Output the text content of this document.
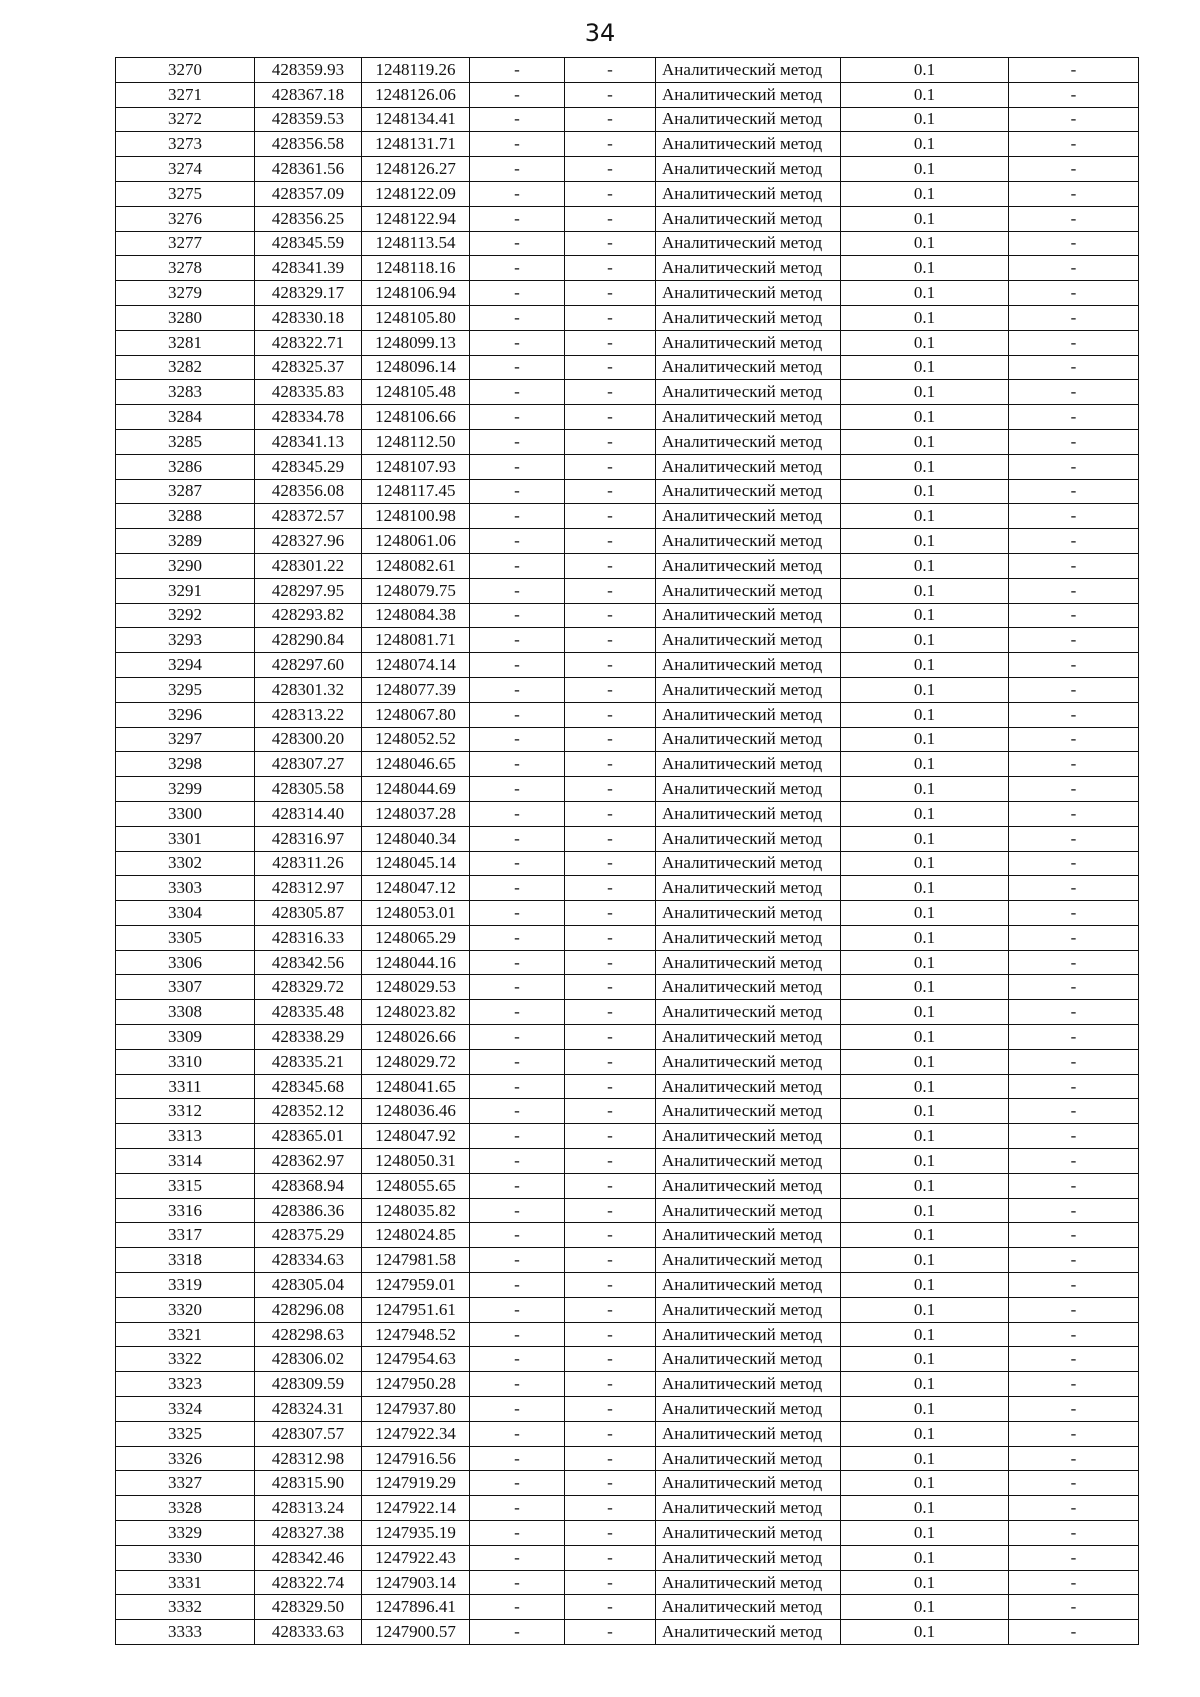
34
3270	428359.93	1248119.26	-	-	Аналитический метод	0.1	-
3271	428367.18	1248126.06	-	-	Аналитический метод	0.1	-
3272	428359.53	1248134.41	-	-	Аналитический метод	0.1	-
3273	428356.58	1248131.71	-	-	Аналитический метод	0.1	-
3274	428361.56	1248126.27	-	-	Аналитический метод	0.1	-
3275	428357.09	1248122.09	-	-	Аналитический метод	0.1	-
3276	428356.25	1248122.94	-	-	Аналитический метод	0.1	-
3277	428345.59	1248113.54	-	-	Аналитический метод	0.1	-
3278	428341.39	1248118.16	-	-	Аналитический метод	0.1	-
3279	428329.17	1248106.94	-	-	Аналитический метод	0.1	-
3280	428330.18	1248105.80	-	-	Аналитический метод	0.1	-
3281	428322.71	1248099.13	-	-	Аналитический метод	0.1	-
3282	428325.37	1248096.14	-	-	Аналитический метод	0.1	-
3283	428335.83	1248105.48	-	-	Аналитический метод	0.1	-
3284	428334.78	1248106.66	-	-	Аналитический метод	0.1	-
3285	428341.13	1248112.50	-	-	Аналитический метод	0.1	-
3286	428345.29	1248107.93	-	-	Аналитический метод	0.1	-
3287	428356.08	1248117.45	-	-	Аналитический метод	0.1	-
3288	428372.57	1248100.98	-	-	Аналитический метод	0.1	-
3289	428327.96	1248061.06	-	-	Аналитический метод	0.1	-
3290	428301.22	1248082.61	-	-	Аналитический метод	0.1	-
3291	428297.95	1248079.75	-	-	Аналитический метод	0.1	-
3292	428293.82	1248084.38	-	-	Аналитический метод	0.1	-
3293	428290.84	1248081.71	-	-	Аналитический метод	0.1	-
3294	428297.60	1248074.14	-	-	Аналитический метод	0.1	-
3295	428301.32	1248077.39	-	-	Аналитический метод	0.1	-
3296	428313.22	1248067.80	-	-	Аналитический метод	0.1	-
3297	428300.20	1248052.52	-	-	Аналитический метод	0.1	-
3298	428307.27	1248046.65	-	-	Аналитический метод	0.1	-
3299	428305.58	1248044.69	-	-	Аналитический метод	0.1	-
3300	428314.40	1248037.28	-	-	Аналитический метод	0.1	-
3301	428316.97	1248040.34	-	-	Аналитический метод	0.1	-
3302	428311.26	1248045.14	-	-	Аналитический метод	0.1	-
3303	428312.97	1248047.12	-	-	Аналитический метод	0.1	-
3304	428305.87	1248053.01	-	-	Аналитический метод	0.1	-
3305	428316.33	1248065.29	-	-	Аналитический метод	0.1	-
3306	428342.56	1248044.16	-	-	Аналитический метод	0.1	-
3307	428329.72	1248029.53	-	-	Аналитический метод	0.1	-
3308	428335.48	1248023.82	-	-	Аналитический метод	0.1	-
3309	428338.29	1248026.66	-	-	Аналитический метод	0.1	-
3310	428335.21	1248029.72	-	-	Аналитический метод	0.1	-
3311	428345.68	1248041.65	-	-	Аналитический метод	0.1	-
3312	428352.12	1248036.46	-	-	Аналитический метод	0.1	-
3313	428365.01	1248047.92	-	-	Аналитический метод	0.1	-
3314	428362.97	1248050.31	-	-	Аналитический метод	0.1	-
3315	428368.94	1248055.65	-	-	Аналитический метод	0.1	-
3316	428386.36	1248035.82	-	-	Аналитический метод	0.1	-
3317	428375.29	1248024.85	-	-	Аналитический метод	0.1	-
3318	428334.63	1247981.58	-	-	Аналитический метод	0.1	-
3319	428305.04	1247959.01	-	-	Аналитический метод	0.1	-
3320	428296.08	1247951.61	-	-	Аналитический метод	0.1	-
3321	428298.63	1247948.52	-	-	Аналитический метод	0.1	-
3322	428306.02	1247954.63	-	-	Аналитический метод	0.1	-
3323	428309.59	1247950.28	-	-	Аналитический метод	0.1	-
3324	428324.31	1247937.80	-	-	Аналитический метод	0.1	-
3325	428307.57	1247922.34	-	-	Аналитический метод	0.1	-
3326	428312.98	1247916.56	-	-	Аналитический метод	0.1	-
3327	428315.90	1247919.29	-	-	Аналитический метод	0.1	-
3328	428313.24	1247922.14	-	-	Аналитический метод	0.1	-
3329	428327.38	1247935.19	-	-	Аналитический метод	0.1	-
3330	428342.46	1247922.43	-	-	Аналитический метод	0.1	-
3331	428322.74	1247903.14	-	-	Аналитический метод	0.1	-
3332	428329.50	1247896.41	-	-	Аналитический метод	0.1	-
3333	428333.63	1247900.57	-	-	Аналитический метод	0.1	-
